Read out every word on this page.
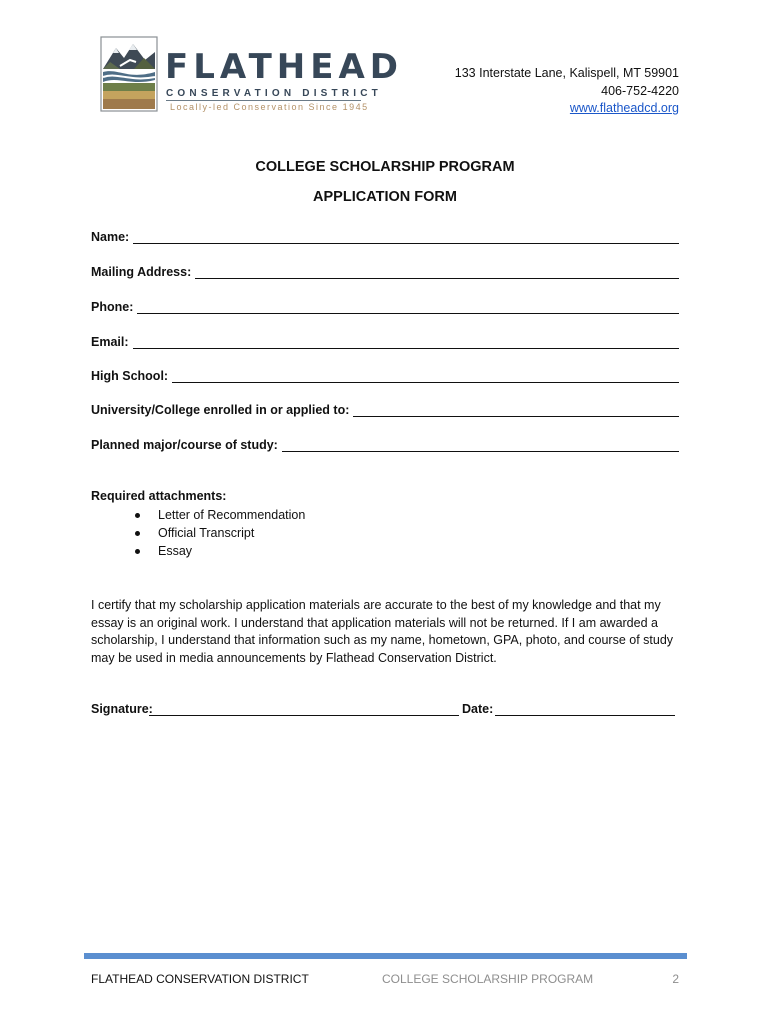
FLATHEAD
CONSERVATION DISTRICT
Locally-led Conservation Since 1945
133 Interstate Lane, Kalispell, MT 59901
406-752-4220
www.flatheadcd.org
COLLEGE SCHOLARSHIP PROGRAM
APPLICATION FORM
Name:
Mailing Address:
Phone:
Email:
High School:
University/College enrolled in or applied to:
Planned major/course of study:
Required attachments:
Letter of Recommendation
Official Transcript
Essay
I certify that my scholarship application materials are accurate to the best of my knowledge and that my essay is an original work. I understand that application materials will not be returned. If I am awarded a scholarship, I understand that information such as my name, hometown, GPA, photo, and course of study may be used in media announcements by Flathead Conservation District.
Signature:	Date:
FLATHEAD CONSERVATION DISTRICT	COLLEGE SCHOLARSHIP PROGRAM	2
